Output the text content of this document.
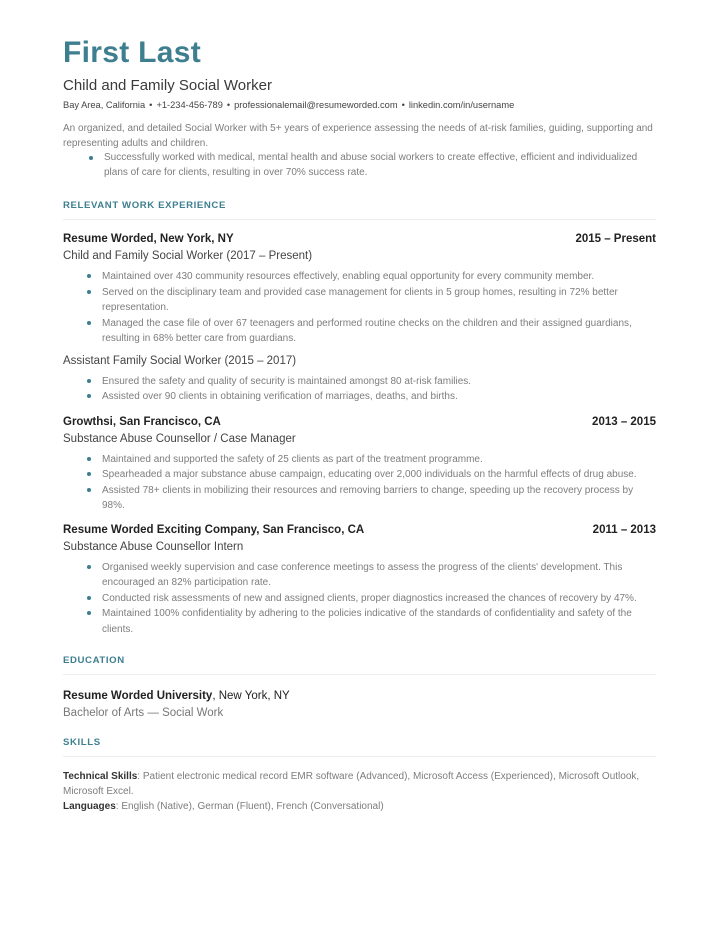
First Last
Child and Family Social Worker
Bay Area, California • +1-234-456-789 • professionalemail@resumeworded.com • linkedin.com/in/username
An organized, and detailed Social Worker with 5+ years of experience assessing the needs of at-risk families, guiding, supporting and representing adults and children.
Successfully worked with medical, mental health and abuse social workers to create effective, efficient and individualized plans of care for clients, resulting in over 70% success rate.
RELEVANT WORK EXPERIENCE
Resume Worded, New York, NY	2015 – Present
Child and Family Social Worker (2017 – Present)
Maintained over 430 community resources effectively, enabling equal opportunity for every community member.
Served on the disciplinary team and provided case management for clients in 5 group homes, resulting in 72% better representation.
Managed the case file of over 67 teenagers and performed routine checks on the children and their assigned guardians, resulting in 68% better care from guardians.
Assistant Family Social Worker (2015 – 2017)
Ensured the safety and quality of security is maintained amongst 80 at-risk families.
Assisted over 90 clients in obtaining verification of marriages, deaths, and births.
Growthsi, San Francisco, CA	2013 – 2015
Substance Abuse Counsellor / Case Manager
Maintained and supported the safety of 25 clients as part of the treatment programme.
Spearheaded a major substance abuse campaign, educating over 2,000 individuals on the harmful effects of drug abuse.
Assisted 78+ clients in mobilizing their resources and removing barriers to change, speeding up the recovery process by 98%.
Resume Worded Exciting Company, San Francisco, CA	2011 – 2013
Substance Abuse Counsellor Intern
Organised weekly supervision and case conference meetings to assess the progress of the clients' development. This encouraged an 82% participation rate.
Conducted risk assessments of new and assigned clients, proper diagnostics increased the chances of recovery by 47%.
Maintained 100% confidentiality by adhering to the policies indicative of the standards of confidentiality and safety of the clients.
EDUCATION
Resume Worded University, New York, NY
Bachelor of Arts — Social Work
SKILLS
Technical Skills: Patient electronic medical record EMR software (Advanced), Microsoft Access (Experienced), Microsoft Outlook, Microsoft Excel.
Languages: English (Native), German (Fluent), French (Conversational)
